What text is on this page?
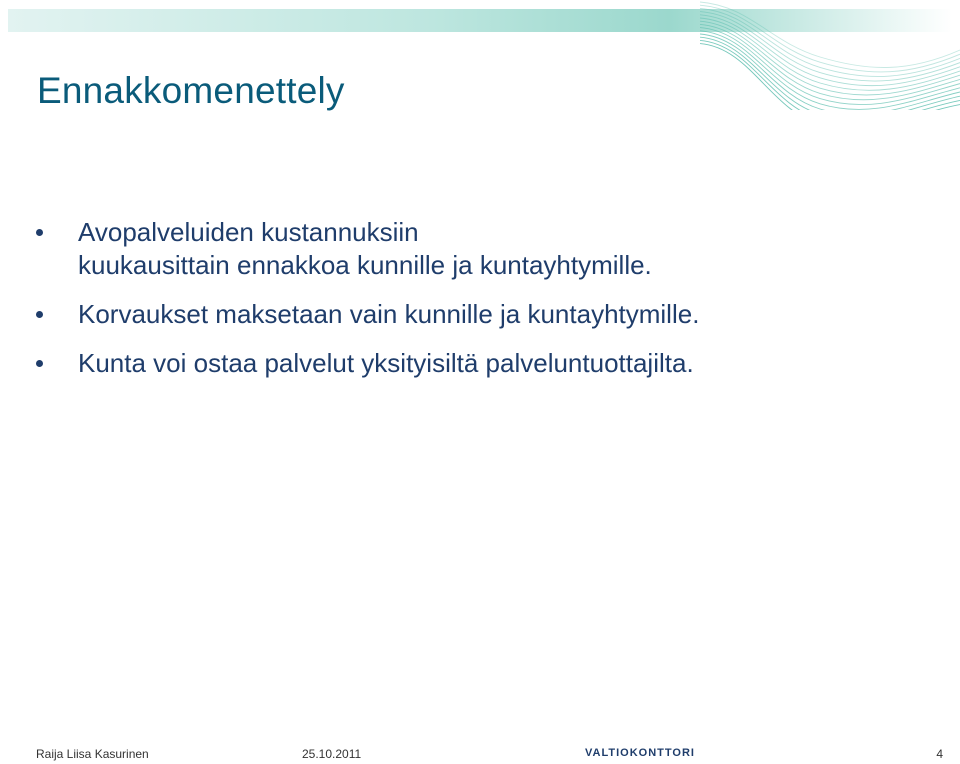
Ennakkomenettely
Avopalveluiden kustannuksiin
kuukausittain ennakkoa kunnille ja kuntayhtymille.
Korvaukset maksetaan vain kunnille ja kuntayhtymille.
Kunta voi ostaa palvelut yksityisiltä palveluntuottajilta.
Raija Liisa Kasurinen	25.10.2011	VALTIOKONTTORI	4
